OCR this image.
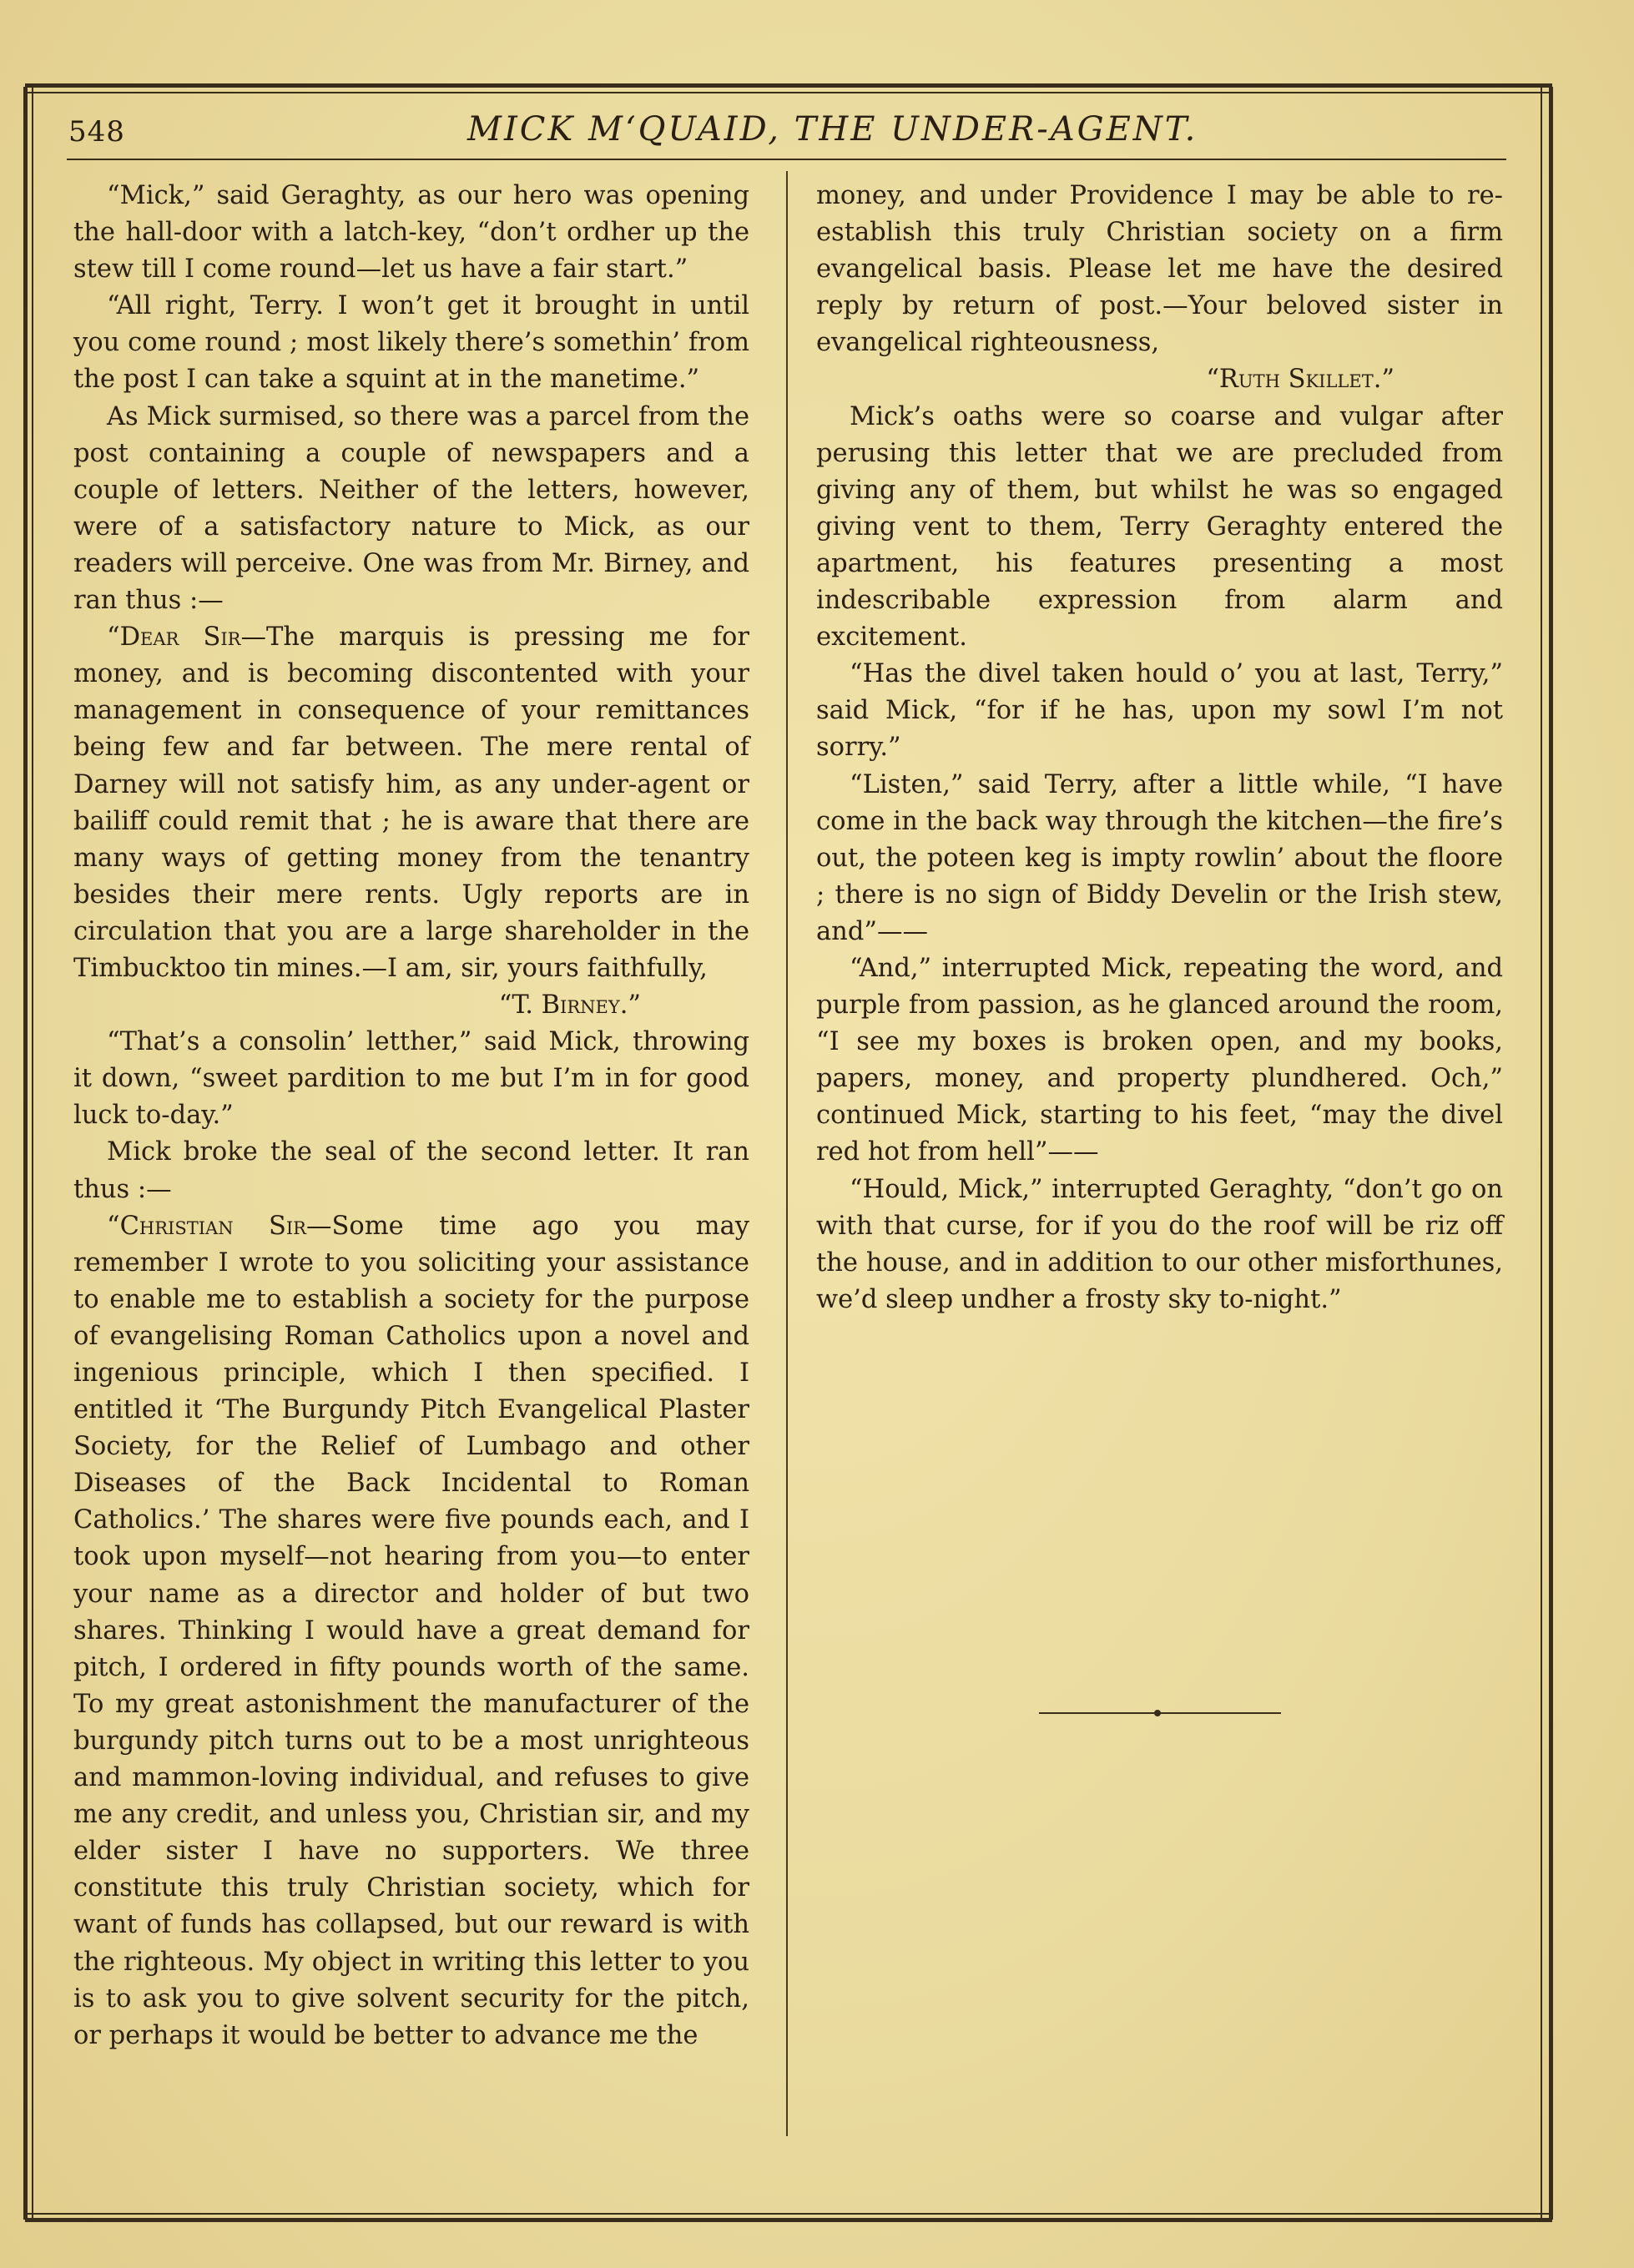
548	MICK M‘QUAID, THE UNDER-AGENT.

“Mick,” said Geraghty, as our hero was opening the hall-door with a latch-key, “don’t ordher up the stew till I come round—let us have a fair start.”

“All right, Terry. I won’t get it brought in until you come round ; most likely there’s somethin’ from the post I can take a squint at in the manetime.”

As Mick surmised, so there was a parcel from the post containing a couple of newspapers and a couple of letters. Neither of the letters, however, were of a satisfactory nature to Mick, as our readers will perceive. One was from Mr. Birney, and ran thus :—

“Dear Sir—The marquis is pressing me for money, and is becoming discontented with your management in consequence of your remittances being few and far between. The mere rental of Darney will not satisfy him, as any under-agent or bailiff could remit that ; he is aware that there are many ways of getting money from the tenantry besides their mere rents. Ugly reports are in circulation that you are a large shareholder in the Timbucktoo tin mines.—I am, sir, yours faithfully,

“T. Birney.”

“That’s a consolin’ letther,” said Mick, throwing it down, “sweet pardition to me but I’m in for good luck to-day.”

Mick broke the seal of the second letter. It ran thus :—

“Christian Sir—Some time ago you may remember I wrote to you soliciting your assistance to enable me to establish a society for the purpose of evangelising Roman Catholics upon a novel and ingenious principle, which I then specified. I entitled it ‘The Burgundy Pitch Evangelical Plaster Society, for the Relief of Lumbago and other Diseases of the Back Incidental to Roman Catholics.’ The shares were five pounds each, and I took upon myself—not hearing from you—to enter your name as a director and holder of but two shares. Thinking I would have a great demand for pitch, I ordered in fifty pounds worth of the same. To my great astonishment the manufacturer of the burgundy pitch turns out to be a most unrighteous and mammon-loving individual, and refuses to give me any credit, and unless you, Christian sir, and my elder sister I have no supporters. We three constitute this truly Christian society, which for want of funds has collapsed, but our reward is with the righteous. My object in writing this letter to you is to ask you to give solvent security for the pitch, or perhaps it would be better to advance me the

money, and under Providence I may be able to re-establish this truly Christian society on a firm evangelical basis. Please let me have the desired reply by return of post.—Your beloved sister in evangelical righteousness,

“Ruth Skillet.”

Mick’s oaths were so coarse and vulgar after perusing this letter that we are precluded from giving any of them, but whilst he was so engaged giving vent to them, Terry Geraghty entered the apartment, his features presenting a most indescribable expression from alarm and excitement.

“Has the divel taken hould o’ you at last, Terry,” said Mick, “for if he has, upon my sowl I’m not sorry.”

“Listen,” said Terry, after a little while, “I have come in the back way through the kitchen—the fire’s out, the poteen keg is impty rowlin’ about the floore ; there is no sign of Biddy Develin or the Irish stew, and”——

“And,” interrupted Mick, repeating the word, and purple from passion, as he glanced around the room, “I see my boxes is broken open, and my books, papers, money, and property plundhered. Och,” continued Mick, starting to his feet, “may the divel red hot from hell”——

“Hould, Mick,” interrupted Geraghty, “don’t go on with that curse, for if you do the roof will be riz off the house, and in addition to our other misforthunes, we’d sleep undher a frosty sky to-night.”
